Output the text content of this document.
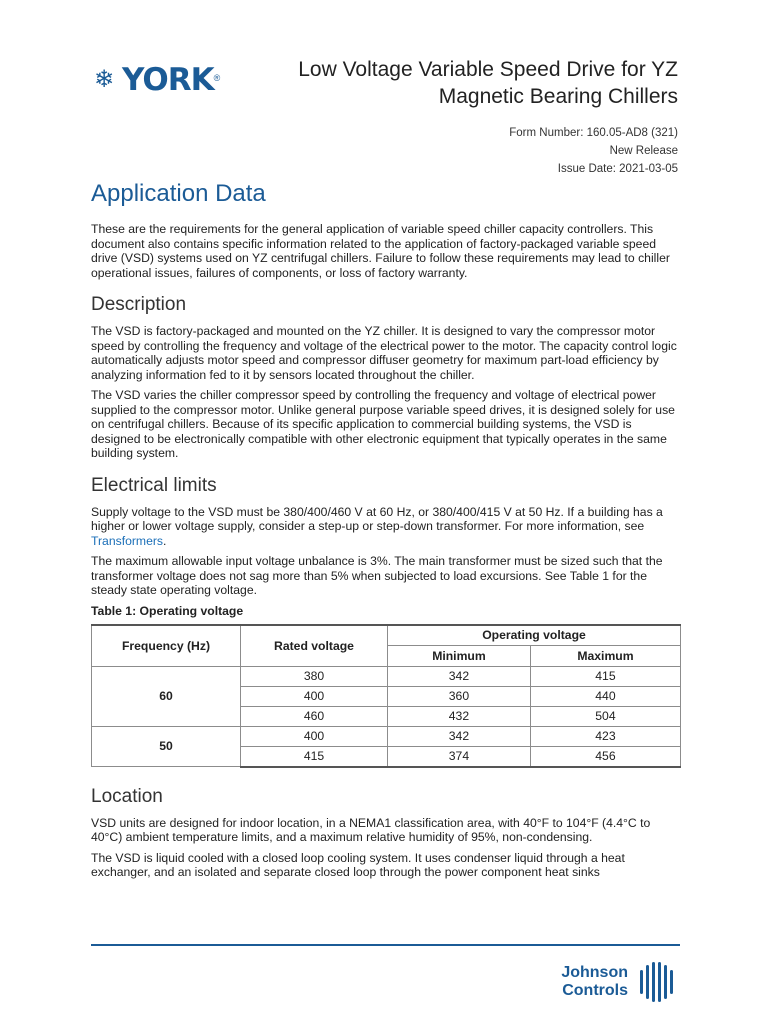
❄ YORK ®	Low Voltage Variable Speed Drive for YZ Magnetic Bearing Chillers
Form Number: 160.05-AD8 (321)
New Release
Issue Date: 2021-03-05
Application Data

These are the requirements for the general application of variable speed chiller capacity controllers. This document also contains specific information related to the application of factory-packaged variable speed drive (VSD) systems used on YZ centrifugal chillers. Failure to follow these requirements may lead to chiller operational issues, failures of components, or loss of factory warranty.

Description

The VSD is factory-packaged and mounted on the YZ chiller. It is designed to vary the compressor motor speed by controlling the frequency and voltage of the electrical power to the motor. The capacity control logic automatically adjusts motor speed and compressor diffuser geometry for maximum part-load efficiency by analyzing information fed to it by sensors located throughout the chiller.

The VSD varies the chiller compressor speed by controlling the frequency and voltage of electrical power supplied to the compressor motor. Unlike general purpose variable speed drives, it is designed solely for use on centrifugal chillers. Because of its specific application to commercial building systems, the VSD is designed to be electronically compatible with other electronic equipment that typically operates in the same building system.

Electrical limits

Supply voltage to the VSD must be 380/400/460 V at 60 Hz, or 380/400/415 V at 50 Hz. If a building has a higher or lower voltage supply, consider a step-up or step-down transformer. For more information, see Transformers.

The maximum allowable input voltage unbalance is 3%. The main transformer must be sized such that the transformer voltage does not sag more than 5% when subjected to load excursions. See Table 1 for the steady state operating voltage.

Table 1: Operating voltage
Frequency (Hz)	Rated voltage	Operating voltage	
		Minimum	Maximum
60	380	342	415
	400	360	440
	460	432	504
50	400	342	423
	415	374	456
Location

VSD units are designed for indoor location, in a NEMA1 classification area, with 40°F to 104°F (4.4°C to 40°C) ambient temperature limits, and a maximum relative humidity of 95%, non-condensing.

The VSD is liquid cooled with a closed loop cooling system. It uses condenser liquid through a heat exchanger, and an isolated and separate closed loop through the power component heat sinks

Johnson
Controls
